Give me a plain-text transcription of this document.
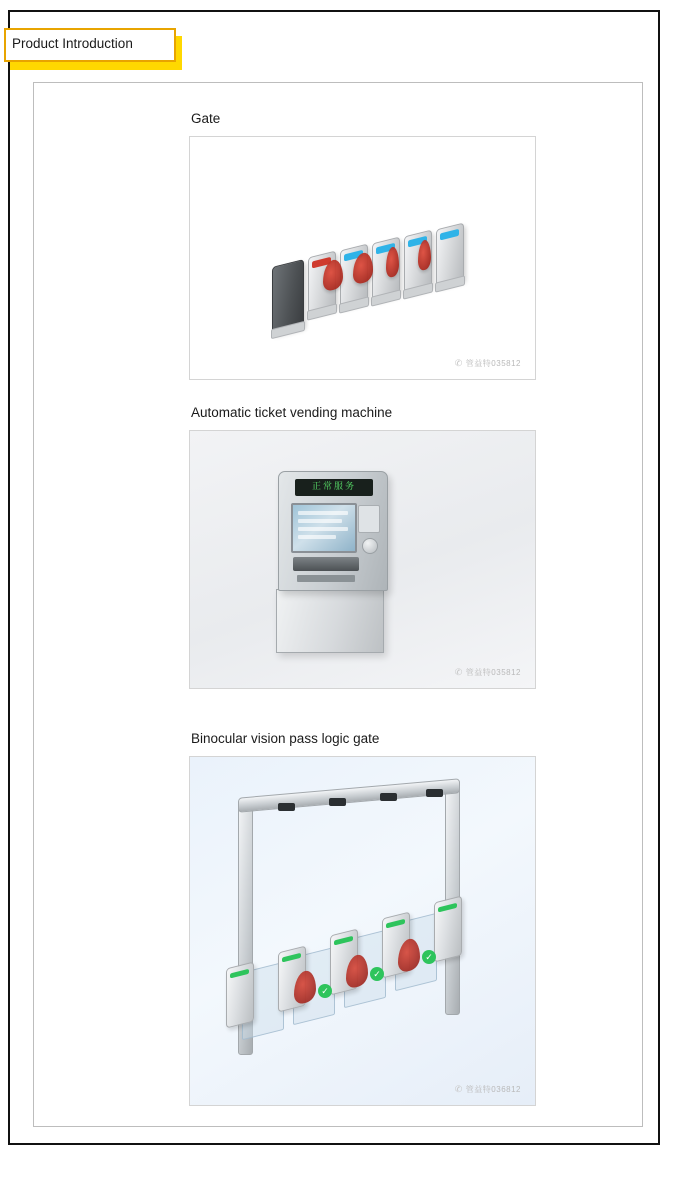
Product Introduction
Gate
✆ 管益特035812
Automatic ticket vending machine
正常服务
✆ 管益特035812
Binocular vision pass logic gate
✓
✓
✓
✆ 管益特036812
